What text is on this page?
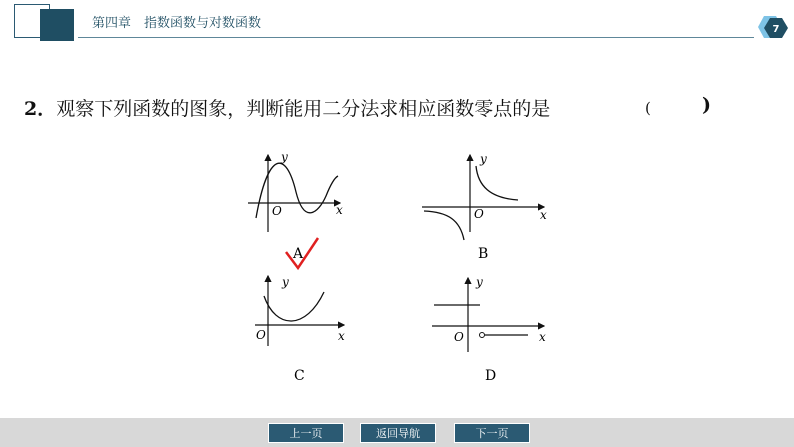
第四章　指数函数与对数函数	7
2．观察下列函数的图象，判断能用二分法求相应函数零点的是	(	)
y
x
O
A
y
x
O
B
y
x
O
C
y
x
O
D
上一页	返回导航	下一页
